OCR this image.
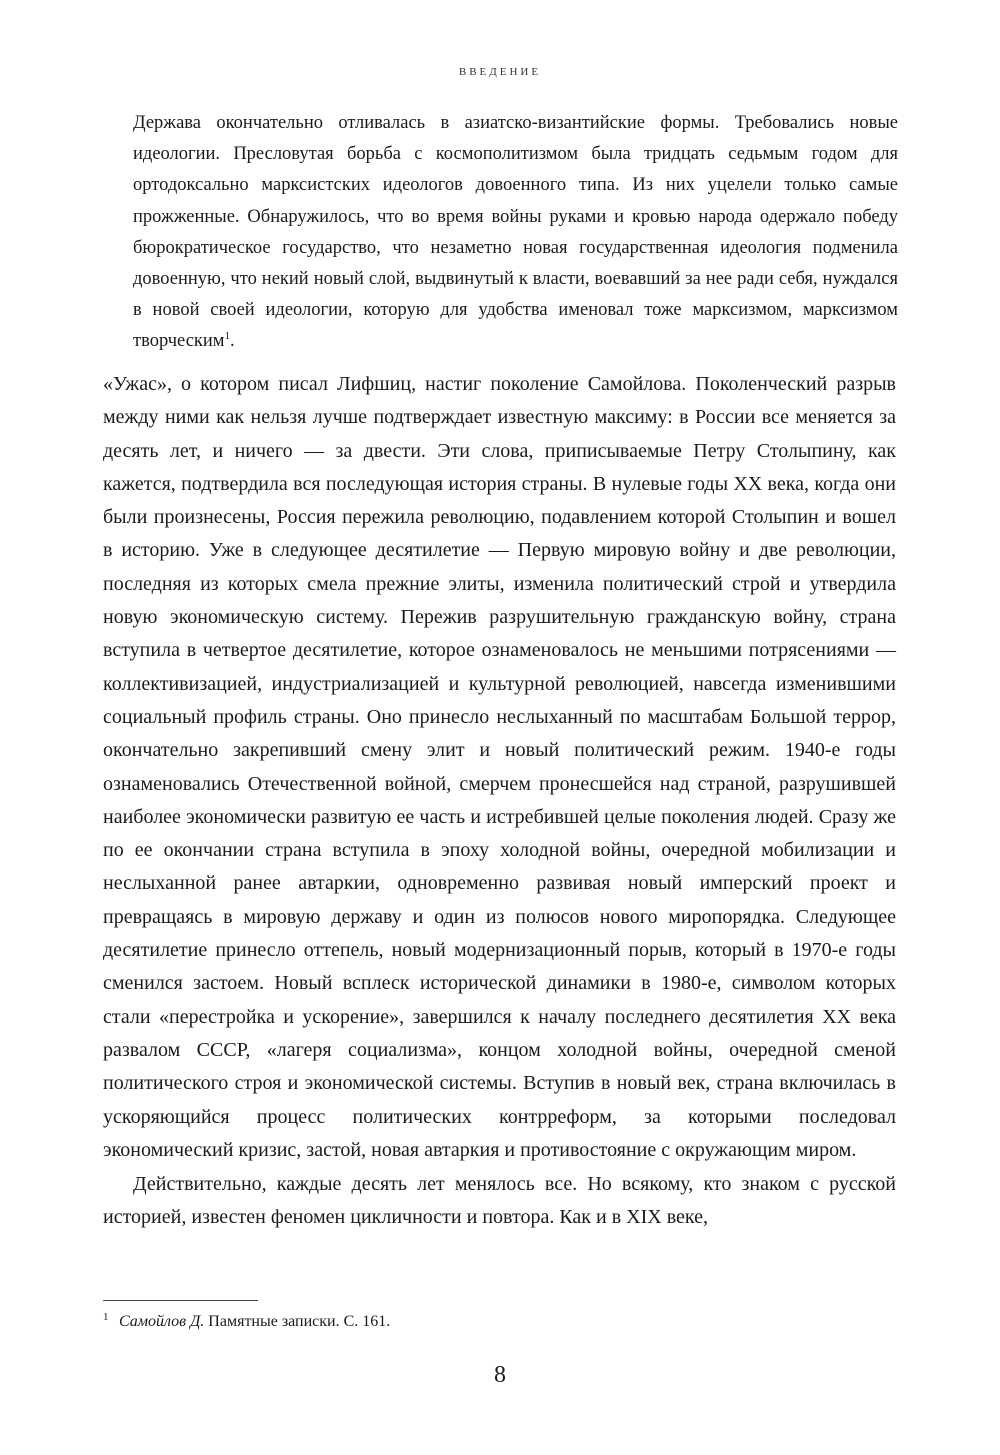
ВВЕДЕНИЕ
Держава окончательно отливалась в азиатско-византийские формы. Требовались новые идеологии. Пресловутая борьба с космополитизмом была тридцать седьмым годом для ортодоксально марксистских идеологов довоенного типа. Из них уцелели только самые прожженные. Обнаружилось, что во время войны руками и кровью народа одержало победу бюрократическое государство, что незаметно новая государственная идеология подменила довоенную, что некий новый слой, выдвинутый к власти, воевавший за нее ради себя, нуждался в новой своей идеологии, которую для удобства именовал тоже марксизмом, марксизмом творческим$^1$.

«Ужас», о котором писал Лифшиц, настиг поколение Самойлова. Поколенческий разрыв между ними как нельзя лучше подтверждает известную максиму: в России все меняется за десять лет, и ничего — за двести. Эти слова, приписываемые Петру Столыпину, как кажется, подтвердила вся последующая история страны. В нулевые годы XX века, когда они были произнесены, Россия пережила революцию, подавлением которой Столыпин и вошел в историю. Уже в следующее десятилетие — Первую мировую войну и две революции, последняя из которых смела прежние элиты, изменила политический строй и утвердила новую экономическую систему. Пережив разрушительную гражданскую войну, страна вступила в четвертое десятилетие, которое ознаменовалось не меньшими потрясениями — коллективизацией, индустриализацией и культурной революцией, навсегда изменившими социальный профиль страны. Оно принесло неслыханный по масштабам Большой террор, окончательно закрепивший смену элит и новый политический режим. 1940-е годы ознаменовались Отечественной войной, смерчем пронесшейся над страной, разрушившей наиболее экономически развитую ее часть и истребившей целые поколения людей. Сразу же по ее окончании страна вступила в эпоху холодной войны, очередной мобилизации и неслыханной ранее автаркии, одновременно развивая новый имперский проект и превращаясь в мировую державу и один из полюсов нового миропорядка. Следующее десятилетие принесло оттепель, новый модернизационный порыв, который в 1970-е годы сменился застоем. Новый всплеск исторической динамики в 1980-е, символом которых стали «перестройка и ускорение», завершился к началу последнего десятилетия XX века развалом СССР, «лагеря социализма», концом холодной войны, очередной сменой политического строя и экономической системы. Вступив в новый век, страна включилась в ускоряющийся процесс политических контрреформ, за которыми последовал экономический кризис, застой, новая автаркия и противостояние с окружающим миром.

Действительно, каждые десять лет менялось все. Но всякому, кто знаком с русской историей, известен феномен цикличности и повтора. Как и в XIX веке,

1 Самойлов Д. Памятные записки. С. 161.
8
